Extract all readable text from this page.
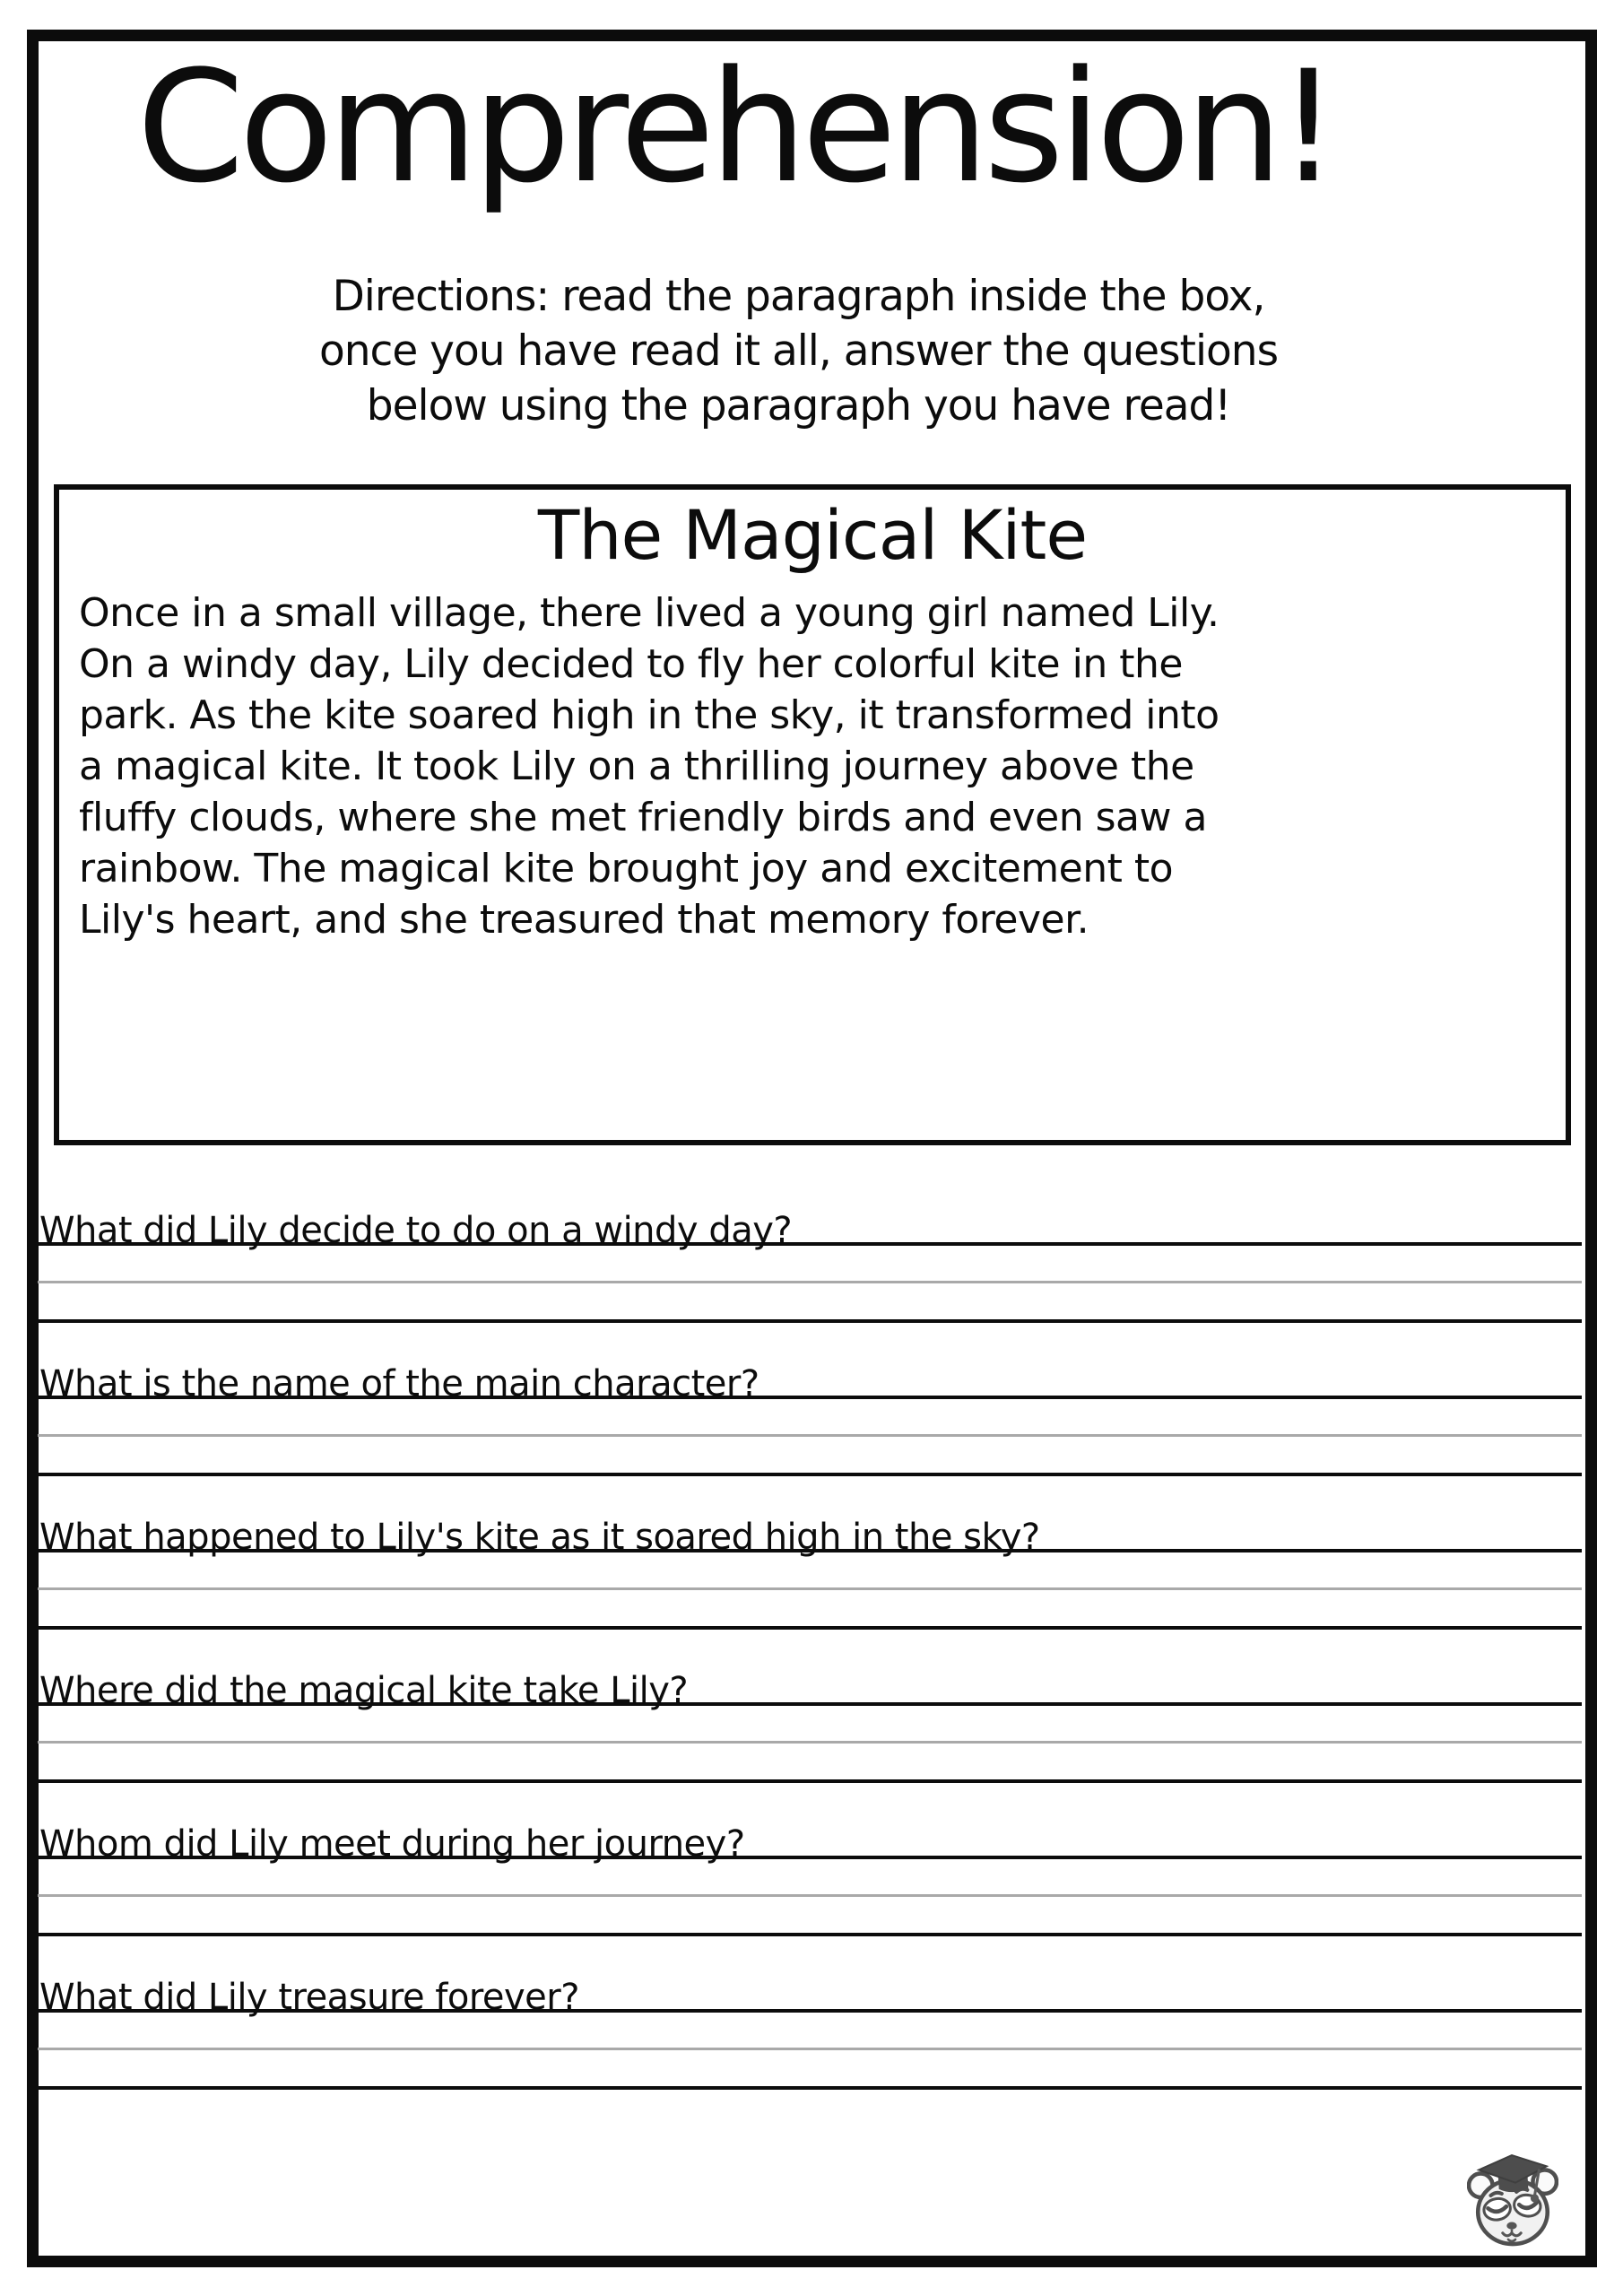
Comprehension!
Directions: read the paragraph inside the box,
once you have read it all, answer the questions
below using the paragraph you have read!
The Magical Kite
Once in a small village, there lived a young girl named Lily.
On a windy day, Lily decided to fly her colorful kite in the
park. As the kite soared high in the sky, it transformed into
a magical kite. It took Lily on a thrilling journey above the
fluffy clouds, where she met friendly birds and even saw a
rainbow. The magical kite brought joy and excitement to
Lily's heart, and she treasured that memory forever.
What did Lily decide to do on a windy day?
What is the name of the main character?
What happened to Lily's kite as it soared high in the sky?
Where did the magical kite take Lily?
Whom did Lily meet during her journey?
What did Lily treasure forever?
